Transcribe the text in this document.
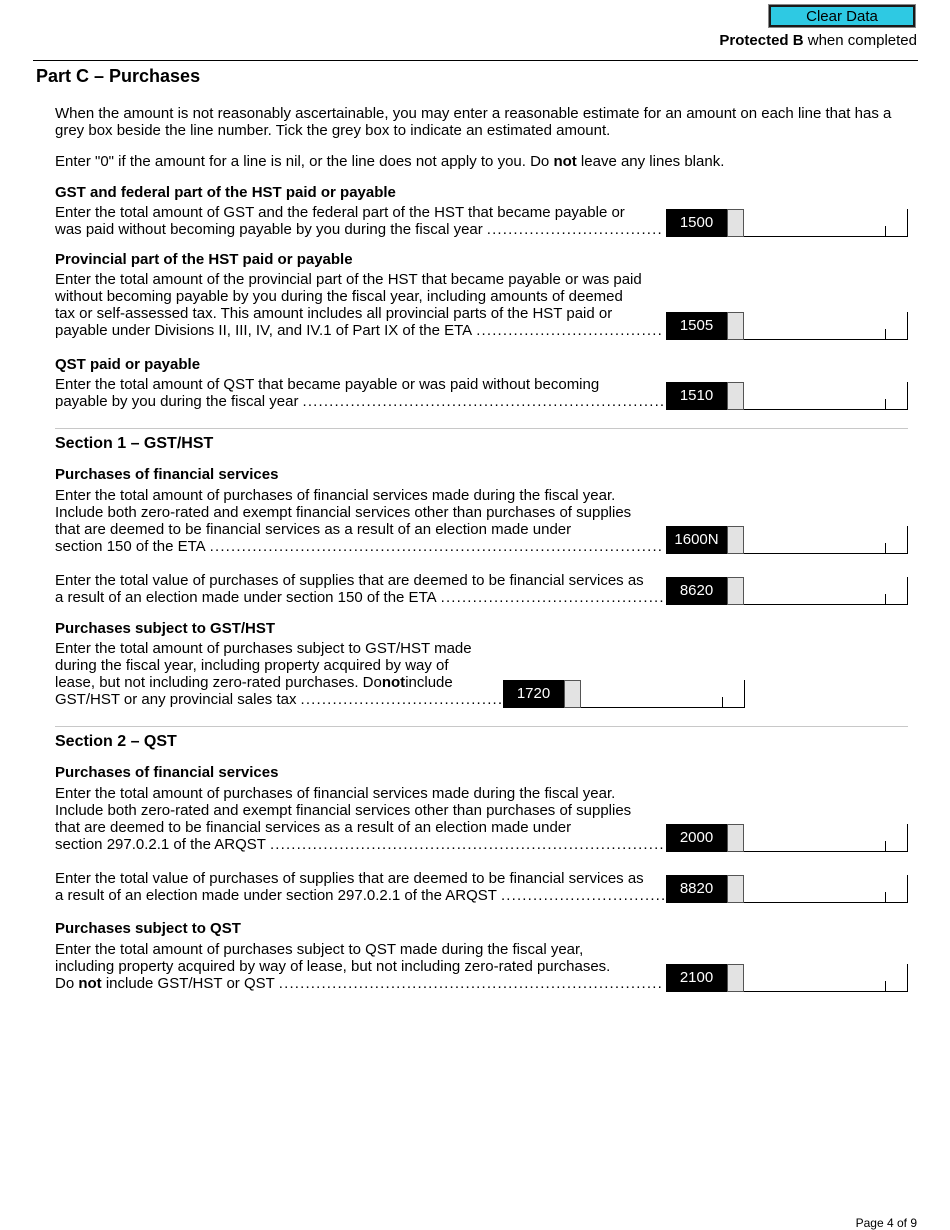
Clear Data
Protected B when completed
Part C – Purchases
When the amount is not reasonably ascertainable, you may enter a reasonable estimate for an amount on each line that has a grey box beside the line number. Tick the grey box to indicate an estimated amount.
Enter "0" if the amount for a line is nil, or the line does not apply to you. Do not leave any lines blank.
GST and federal part of the HST paid or payable
Enter the total amount of GST and the federal part of the HST that became payable or
was paid without becoming payable by you during the fiscal year . . .	1500
Provincial part of the HST paid or payable
Enter the total amount of the provincial part of the HST that became payable or was paid
without becoming payable by you during the fiscal year, including amounts of deemed
tax or self-assessed tax. This amount includes all provincial parts of the HST paid or
payable under Divisions II, III, IV, and IV.1 of Part IX of the ETA . . .	1505
QST paid or payable
Enter the total amount of QST that became payable or was paid without becoming
payable by you during the fiscal year . . .	1510
Section 1 – GST/HST
Purchases of financial services
Enter the total amount of purchases of financial services made during the fiscal year.
Include both zero-rated and exempt financial services other than purchases of supplies
that are deemed to be financial services as a result of an election made under
section 150 of the ETA . . .	1600N
Enter the total value of purchases of supplies that are deemed to be financial services as
a result of an election made under section 150 of the ETA . . .	8620
Purchases subject to GST/HST
Enter the total amount of purchases subject to GST/HST made
during the fiscal year, including property acquired by way of
lease, but not including zero-rated purchases. Do not include
GST/HST or any provincial sales tax . . .	1720
Section 2 – QST
Purchases of financial services
Enter the total amount of purchases of financial services made during the fiscal year.
Include both zero-rated and exempt financial services other than purchases of supplies
that are deemed to be financial services as a result of an election made under
section 297.0.2.1 of the ARQST . . .	2000
Enter the total value of purchases of supplies that are deemed to be financial services as
a result of an election made under section 297.0.2.1 of the ARQST . . .	8820
Purchases subject to QST
Enter the total amount of purchases subject to QST made during the fiscal year,
including property acquired by way of lease, but not including zero-rated purchases.
Do not include GST/HST or QST . . .	2100
Page 4 of 9
